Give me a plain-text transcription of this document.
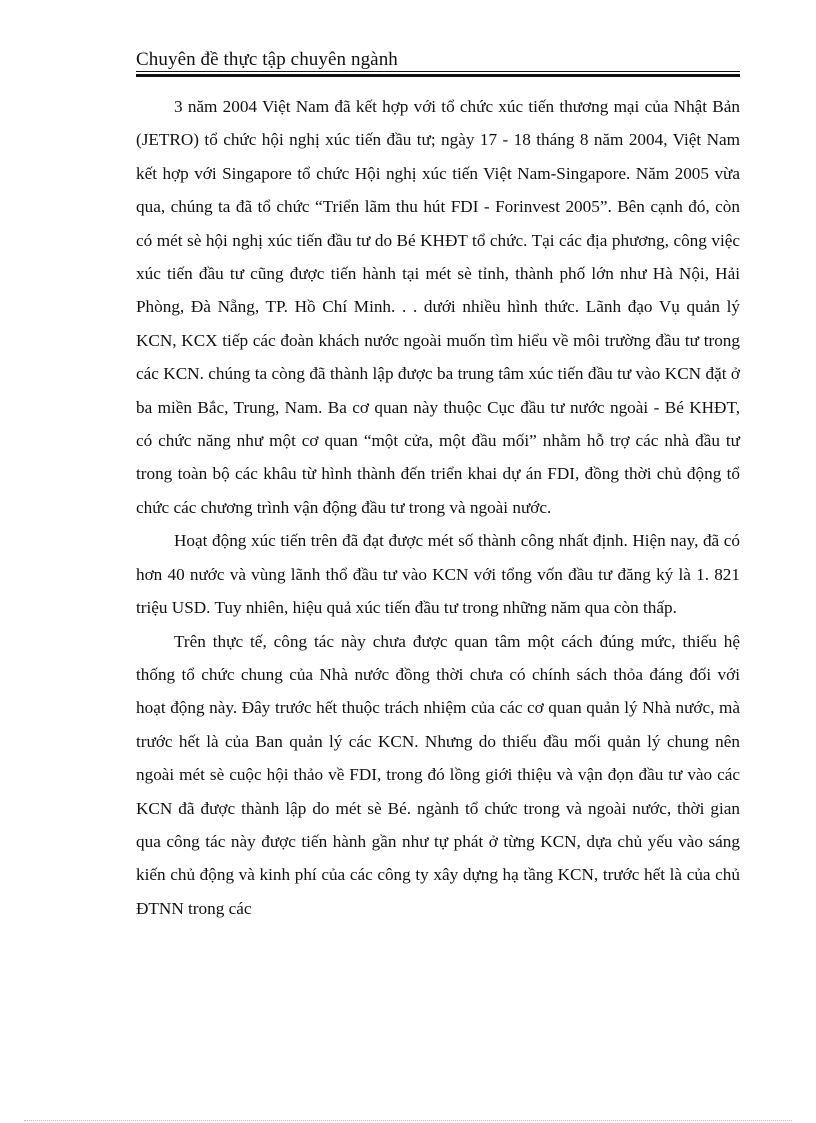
Chuyên đề thực tập chuyên ngành

3 năm 2004 Việt Nam đã kết hợp với tổ chức xúc tiến thương mại của Nhật Bản (JETRO) tổ chức hội nghị xúc tiến đầu tư; ngày 17 - 18 tháng 8 năm 2004, Việt Nam kết hợp với Singapore tổ chức Hội nghị xúc tiến Việt Nam-Singapore. Năm 2005 vừa qua, chúng ta đã tổ chức “Triển lãm thu hút FDI - Forinvest 2005”. Bên cạnh đó, còn có mét sè hội nghị xúc tiến đầu tư do Bé KHĐT tổ chức. Tại các địa phương, công việc xúc tiến đầu tư cũng được tiến hành tại mét sè tỉnh, thành phố lớn như Hà Nội, Hải Phòng, Đà Nẵng, TP. Hồ Chí Minh. . . dưới nhiều hình thức. Lãnh đạo Vụ quản lý KCN, KCX tiếp các đoàn khách nước ngoài muốn tìm hiểu về môi trường đầu tư trong các KCN. chúng ta còng đã thành lập được ba trung tâm xúc tiến đầu tư vào KCN đặt ở ba miền Bắc, Trung, Nam. Ba cơ quan này thuộc Cục đầu tư nước ngoài - Bé KHĐT, có chức năng như một cơ quan “một cửa, một đầu mối” nhằm hỗ trợ các nhà đầu tư trong toàn bộ các khâu từ hình thành đến triển khai dự án FDI, đồng thời chủ động tổ chức các chương trình vận động đầu tư trong và ngoài nước.

Hoạt động xúc tiến trên đã đạt được mét số thành công nhất định. Hiện nay, đã có hơn 40 nước và vùng lãnh thổ đầu tư vào KCN với tổng vốn đầu tư đăng ký là 1. 821 triệu USD. Tuy nhiên, hiệu quả xúc tiến đầu tư trong những năm qua còn thấp.

Trên thực tế, công tác này chưa được quan tâm một cách đúng mức, thiếu hệ thống tổ chức chung của Nhà nước đồng thời chưa có chính sách thỏa đáng đối với hoạt động này. Đây trước hết thuộc trách nhiệm của các cơ quan quản lý Nhà nước, mà trước hết là của Ban quản lý các KCN. Nhưng do thiếu đầu mối quản lý chung nên ngoài mét sè cuộc hội thảo về FDI, trong đó lồng giới thiệu và vận đọn đầu tư vào các KCN đã được thành lập do mét sè Bé. ngành tổ chức trong và ngoài nước, thời gian qua công tác này được tiến hành gần như tự phát ở từng KCN, dựa chủ yếu vào sáng kiến chủ động và kinh phí của các công ty xây dựng hạ tầng KCN, trước hết là của chủ ĐTNN trong các
